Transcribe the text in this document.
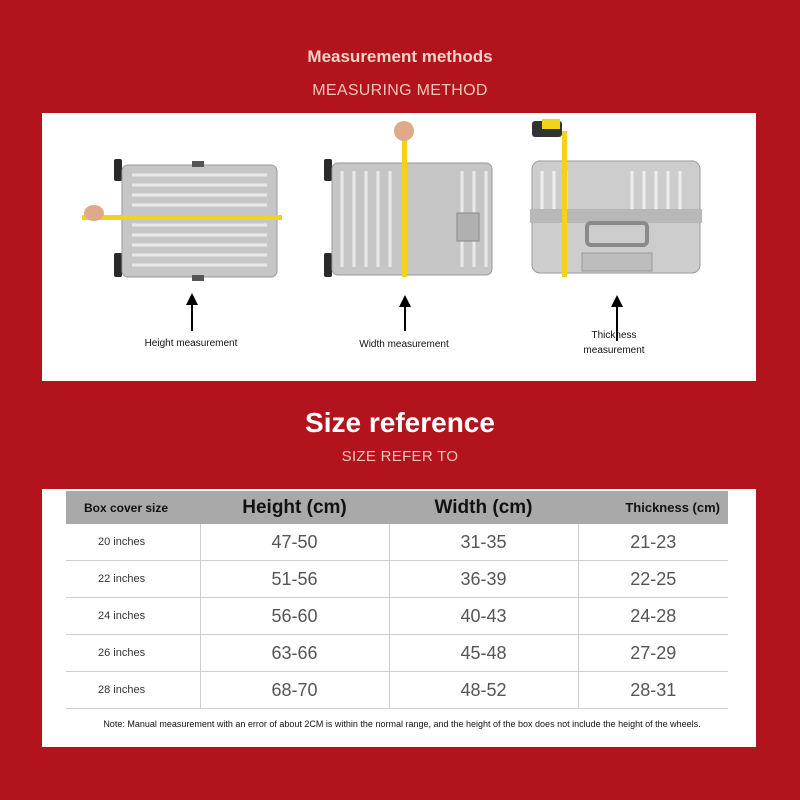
Measurement methods
MEASURING METHOD
Height measurement	Width measurement
Thickness
measurement
Size reference
SIZE REFER TO
Box cover size	Height (cm)	Width (cm)	Thickness (cm)
20 inches	47-50	31-35	21-23
22 inches	51-56	36-39	22-25
24 inches	56-60	40-43	24-28
26 inches	63-66	45-48	27-29
28 inches	68-70	48-52	28-31
Note: Manual measurement with an error of about 2CM is within the normal range, and the height of the box does not include the height of the wheels.
